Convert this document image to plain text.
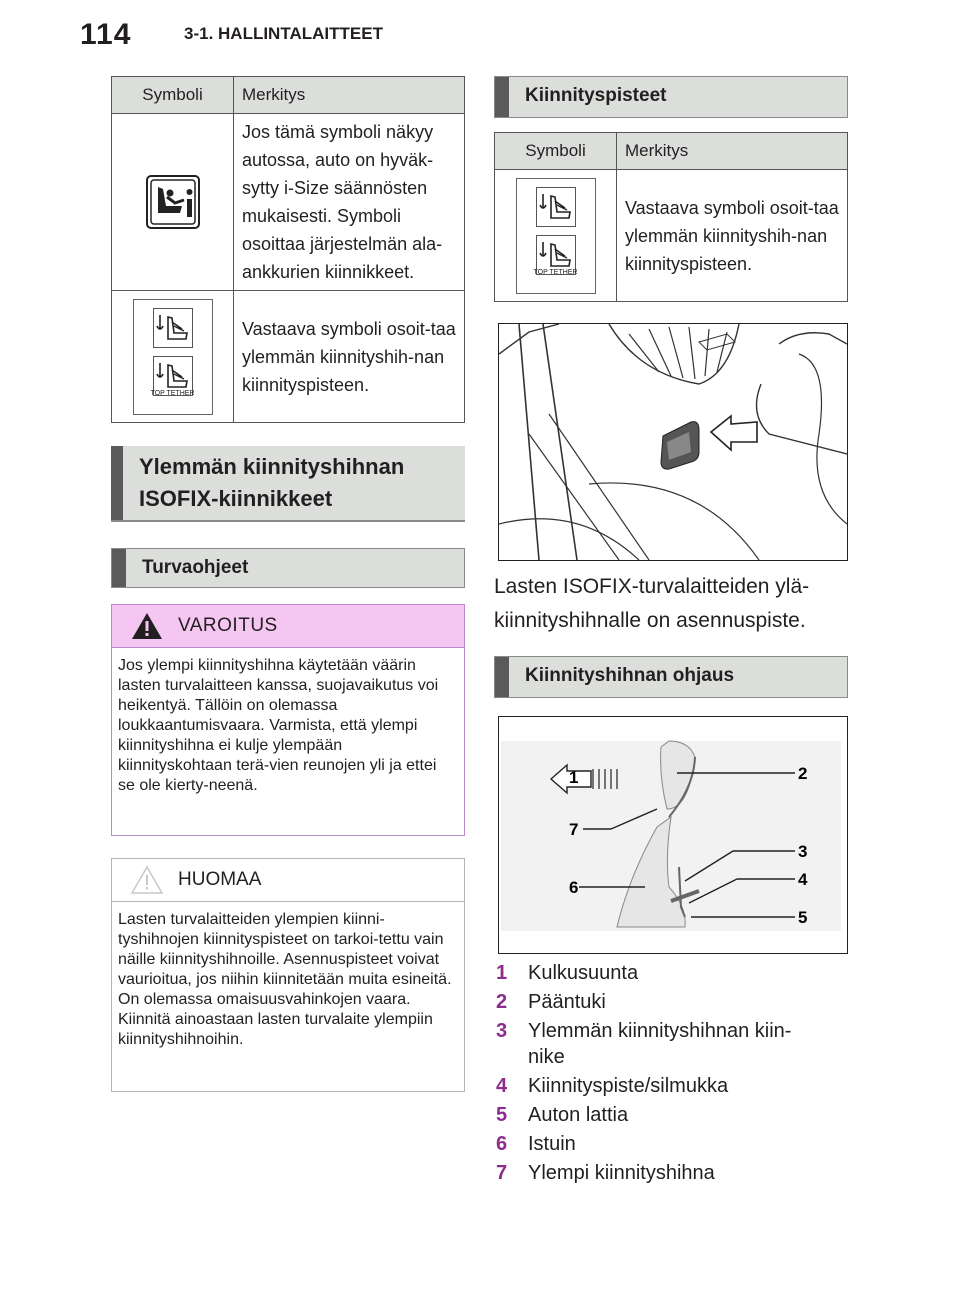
114	3-1. HALLINTALAITTEET
Symboli	Merkitys

	Jos tämä symboli näkyy autossa, auto on hyväk-sytty i-Size säännösten mukaisesti. Symboli osoittaa järjestelmän ala-ankkurien kiinnikkeet.

TOP TETHER	Vastaava symboli osoit-taa ylemmän kiinnityshih-nan kiinnityspisteen.
Ylemmän kiinnityshihnan
ISOFIX-kiinnikkeet
Turvaohjeet
VAROITUS
Jos ylempi kiinnityshihna käytetään väärin lasten turvalaitteen kanssa, suojavaikutus voi heikentyä. Tällöin on olemassa loukkaantumisvaara. Varmista, että ylempi kiinnityshihna ei kulje ylempään kiinnityskohtaan terä-vien reunojen yli ja ettei se ole kierty-neenä.
HUOMAA
Lasten turvalaitteiden ylempien kiinni-tyshihnojen kiinnityspisteet on tarkoi-tettu vain näille kiinnityshihnoille. Asennuspisteet voivat vaurioitua, jos niihin kiinnitetään muita esineitä. On olemassa omaisuusvahinkojen vaara. Kiinnitä ainoastaan lasten turvalaite ylempiin kiinnityshihnoihin.
Kiinnityspisteet
Symboli	Merkitys

TOP TETHER	Vastaava symboli osoit-taa ylemmän kiinnityshih-nan kiinnityspisteen.
Lasten ISOFIX-turvalaitteiden ylä-
kiinnityshihnalle on asennuspiste.
Kiinnityshihnan ohjaus
1	2
3
4
5
6
7
1 Kulkusuunta
2 Pääntuki
3 Ylemmän kiinnityshihnan kiin-nike
4 Kiinnityspiste/silmukka
5 Auton lattia
6 Istuin
7 Ylempi kiinnityshihna
